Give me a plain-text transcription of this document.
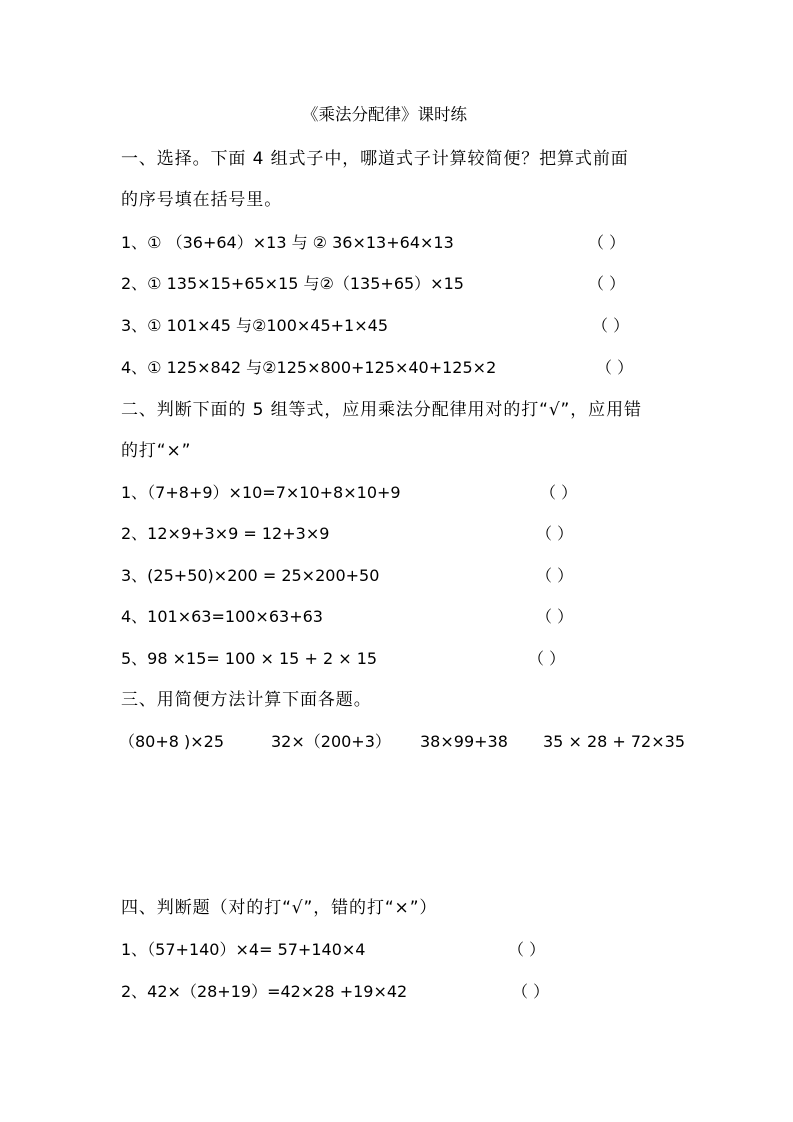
《乘法分配律》课时练
一、选择。下面 4 组式子中，哪道式子计算较简便？把算式前面
的序号填在括号里。
1、① （36+64）×13 与 ② 36×13+64×13	（ ）
2、① 135×15+65×15 与②（135+65）×15	（ ）
3、① 101×45 与②100×45+1×45	（ ）
4、① 125×842 与②125×800+125×40+125×2	（ ）
二、判断下面的 5 组等式，应用乘法分配律用对的打“√”，应用错
的打“×”
1、（7+8+9）×10=7×10+8×10+9	（ ）
2、12×9+3×9 = 12+3×9	（ ）
3、(25+50)×200 = 25×200+50	（ ）
4、101×63=100×63+63	（ ）
5、98 ×15= 100 × 15 + 2 × 15	（ ）
三、用简便方法计算下面各题。
（80+8 )×25	32×（200+3） 38×99+38 35 × 28 + 72×35
四、判断题（对的打“√”，错的打“×”）
1、（57+140）×4= 57+140×4	（ ）
2、42×（28+19）=42×28 +19×42	（ ）
